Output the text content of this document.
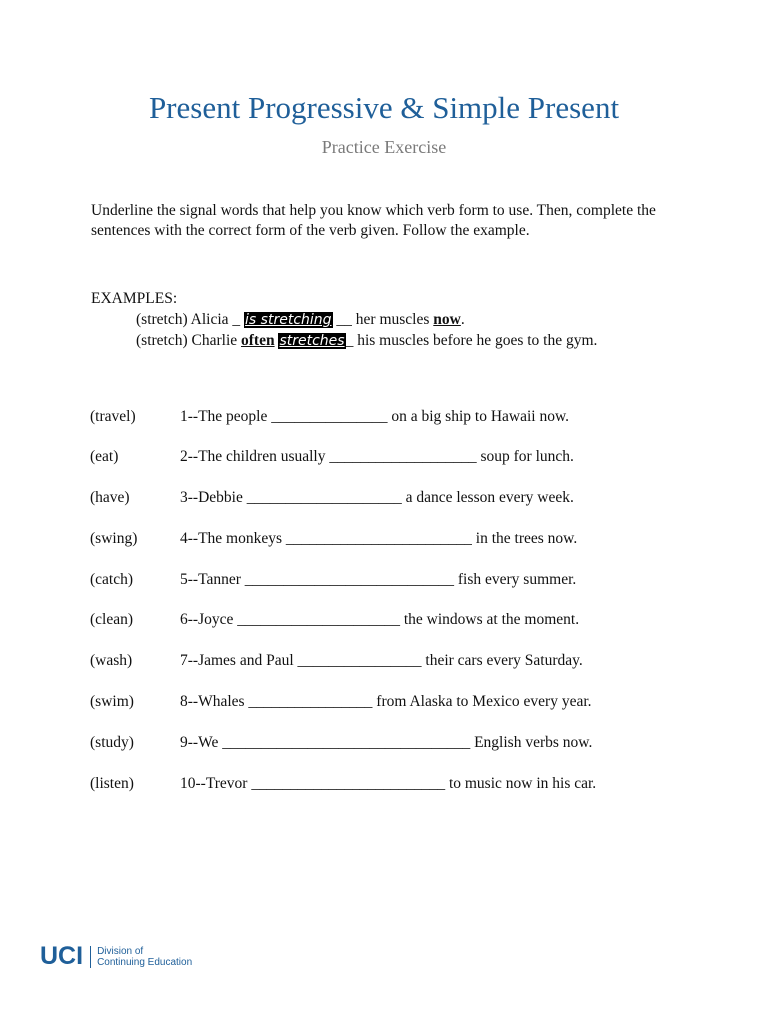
Present Progressive & Simple Present
Practice Exercise
Underline the signal words that help you know which verb form to use. Then, complete the sentences with the correct form of the verb given. Follow the example.
EXAMPLES:
(stretch) Alicia _ is stretching __ her muscles now.
(stretch) Charlie often stretches_ his muscles before he goes to the gym.
(travel)	1--The people _______________ on a big ship to Hawaii now.
(eat)	2--The children usually ___________________ soup for lunch.
(have)	3--Debbie ____________________ a dance lesson every week.
(swing)	4--The monkeys ________________________ in the trees now.
(catch)	5--Tanner ___________________________ fish every summer.
(clean)	6--Joyce _____________________ the windows at the moment.
(wash)	7--James and Paul ________________ their cars every Saturday.
(swim)	8--Whales ________________ from Alaska to Mexico every year.
(study)	9--We ________________________________ English verbs now.
(listen)	10--Trevor _________________________ to music now in his car.
UCI Division of
Continuing Education
